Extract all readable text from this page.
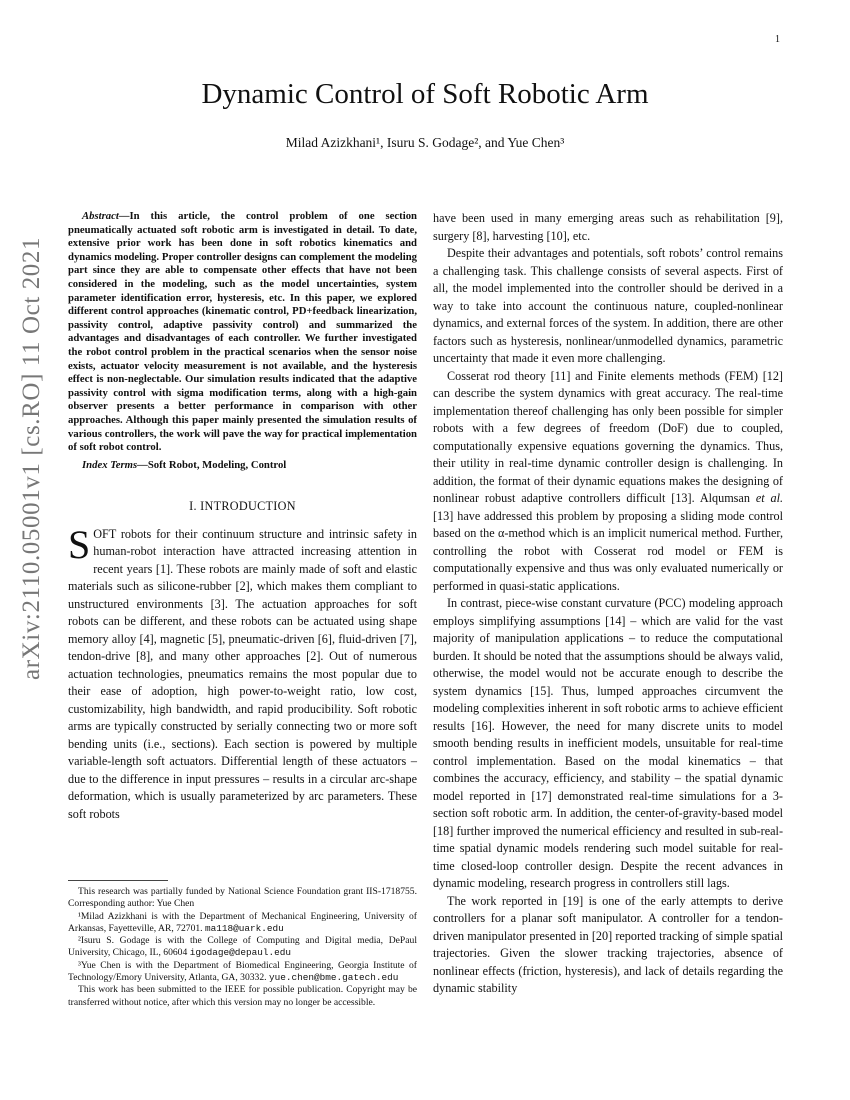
1
arXiv:2110.05001v1 [cs.RO] 11 Oct 2021
Dynamic Control of Soft Robotic Arm
Milad Azizkhani¹, Isuru S. Godage², and Yue Chen³

Abstract—In this article, the control problem of one section pneumatically actuated soft robotic arm is investigated in detail. To date, extensive prior work has been done in soft robotics kinematics and dynamics modeling. Proper controller designs can complement the modeling part since they are able to compensate other effects that have not been considered in the modeling, such as the model uncertainties, system parameter identification error, hysteresis, etc. In this paper, we explored different control approaches (kinematic control, PD+feedback linearization, passivity control, adaptive passivity control) and summarized the advantages and disadvantages of each controller. We further investigated the robot control problem in the practical scenarios when the sensor noise exists, actuator velocity measurement is not available, and the hysteresis effect is non-neglectable. Our simulation results indicated that the adaptive passivity control with sigma modification terms, along with a high-gain observer presents a better performance in comparison with other approaches. Although this paper mainly presented the simulation results of various controllers, the work will pave the way for practical implementation of soft robot control.

Index Terms—Soft Robot, Modeling, Control

I. INTRODUCTION

SOFT robots for their continuum structure and intrinsic safety in human-robot interaction have attracted increasing attention in recent years [1]. These robots are mainly made of soft and elastic materials such as silicone-rubber [2], which makes them compliant to unstructured environments [3]. The actuation approaches for soft robots can be different, and these robots can be actuated using shape memory alloy [4], magnetic [5], pneumatic-driven [6], fluid-driven [7], tendon-drive [8], and many other approaches [2]. Out of numerous actuation technologies, pneumatics remains the most popular due to their ease of adoption, high power-to-weight ratio, low cost, customizability, high bandwidth, and rapid producibility. Soft robotic arms are typically constructed by serially connecting two or more soft bending units (i.e., sections). Each section is powered by multiple variable-length soft actuators. Differential length of these actuators – due to the difference in input pressures – results in a circular arc-shape deformation, which is usually parameterized by arc parameters. These soft robots

This research was partially funded by National Science Foundation grant IIS-1718755. Corresponding author: Yue Chen

¹Milad Azizkhani is with the Department of Mechanical Engineering, University of Arkansas, Fayetteville, AR, 72701. ma118@uark.edu

²Isuru S. Godage is with the College of Computing and Digital media, DePaul University, Chicago, IL, 60604 igodage@depaul.edu

³Yue Chen is with the Department of Biomedical Engineering, Georgia Institute of Technology/Emory University, Atlanta, GA, 30332. yue.chen@bme.gatech.edu

This work has been submitted to the IEEE for possible publication. Copyright may be transferred without notice, after which this version may no longer be accessible.

have been used in many emerging areas such as rehabilitation [9], surgery [8], harvesting [10], etc.

Despite their advantages and potentials, soft robots’ control remains a challenging task. This challenge consists of several aspects. First of all, the model implemented into the controller should be derived in a way to take into account the continuous nature, coupled-nonlinear dynamics, and external forces of the system. In addition, there are other factors such as hysteresis, nonlinear/unmodelled dynamics, parametric uncertainty that made it even more challenging.

Cosserat rod theory [11] and Finite elements methods (FEM) [12] can describe the system dynamics with great accuracy. The real-time implementation thereof challenging has only been possible for simpler robots with a few degrees of freedom (DoF) due to coupled, computationally expensive equations governing the dynamics. Thus, their utility in real-time dynamic controller design is challenging. In addition, the format of their dynamic equations makes the designing of nonlinear robust adaptive controllers difficult [13]. Alqumsan et al. [13] have addressed this problem by proposing a sliding mode control based on the α-method which is an implicit numerical method. Further, controlling the robot with Cosserat rod model or FEM is computationally expensive and thus was only evaluated numerically or performed in quasi-static applications.

In contrast, piece-wise constant curvature (PCC) modeling approach employs simplifying assumptions [14] – which are valid for the vast majority of manipulation applications – to reduce the computational burden. It should be noted that the assumptions should be always valid, otherwise, the model would not be accurate enough to describe the system dynamics [15]. Thus, lumped approaches circumvent the modeling complexities inherent in soft robotic arms to achieve efficient results [16]. However, the need for many discrete units to model smooth bending results in inefficient models, unsuitable for real-time control implementation. Based on the modal kinematics – that combines the accuracy, efficiency, and stability – the spatial dynamic model reported in [17] demonstrated real-time simulations for a 3-section soft robotic arm. In addition, the center-of-gravity-based model [18] further improved the numerical efficiency and resulted in sub-real-time spatial dynamic models rendering such model suitable for real-time closed-loop controller design. Despite the recent advances in dynamic modeling, research progress in controllers still lags.

The work reported in [19] is one of the early attempts to derive controllers for a planar soft manipulator. A controller for a tendon-driven manipulator presented in [20] reported tracking of simple spatial trajectories. Given the slower tracking trajectories, absence of nonlinear effects (friction, hysteresis), and lack of details regarding the dynamic stability
